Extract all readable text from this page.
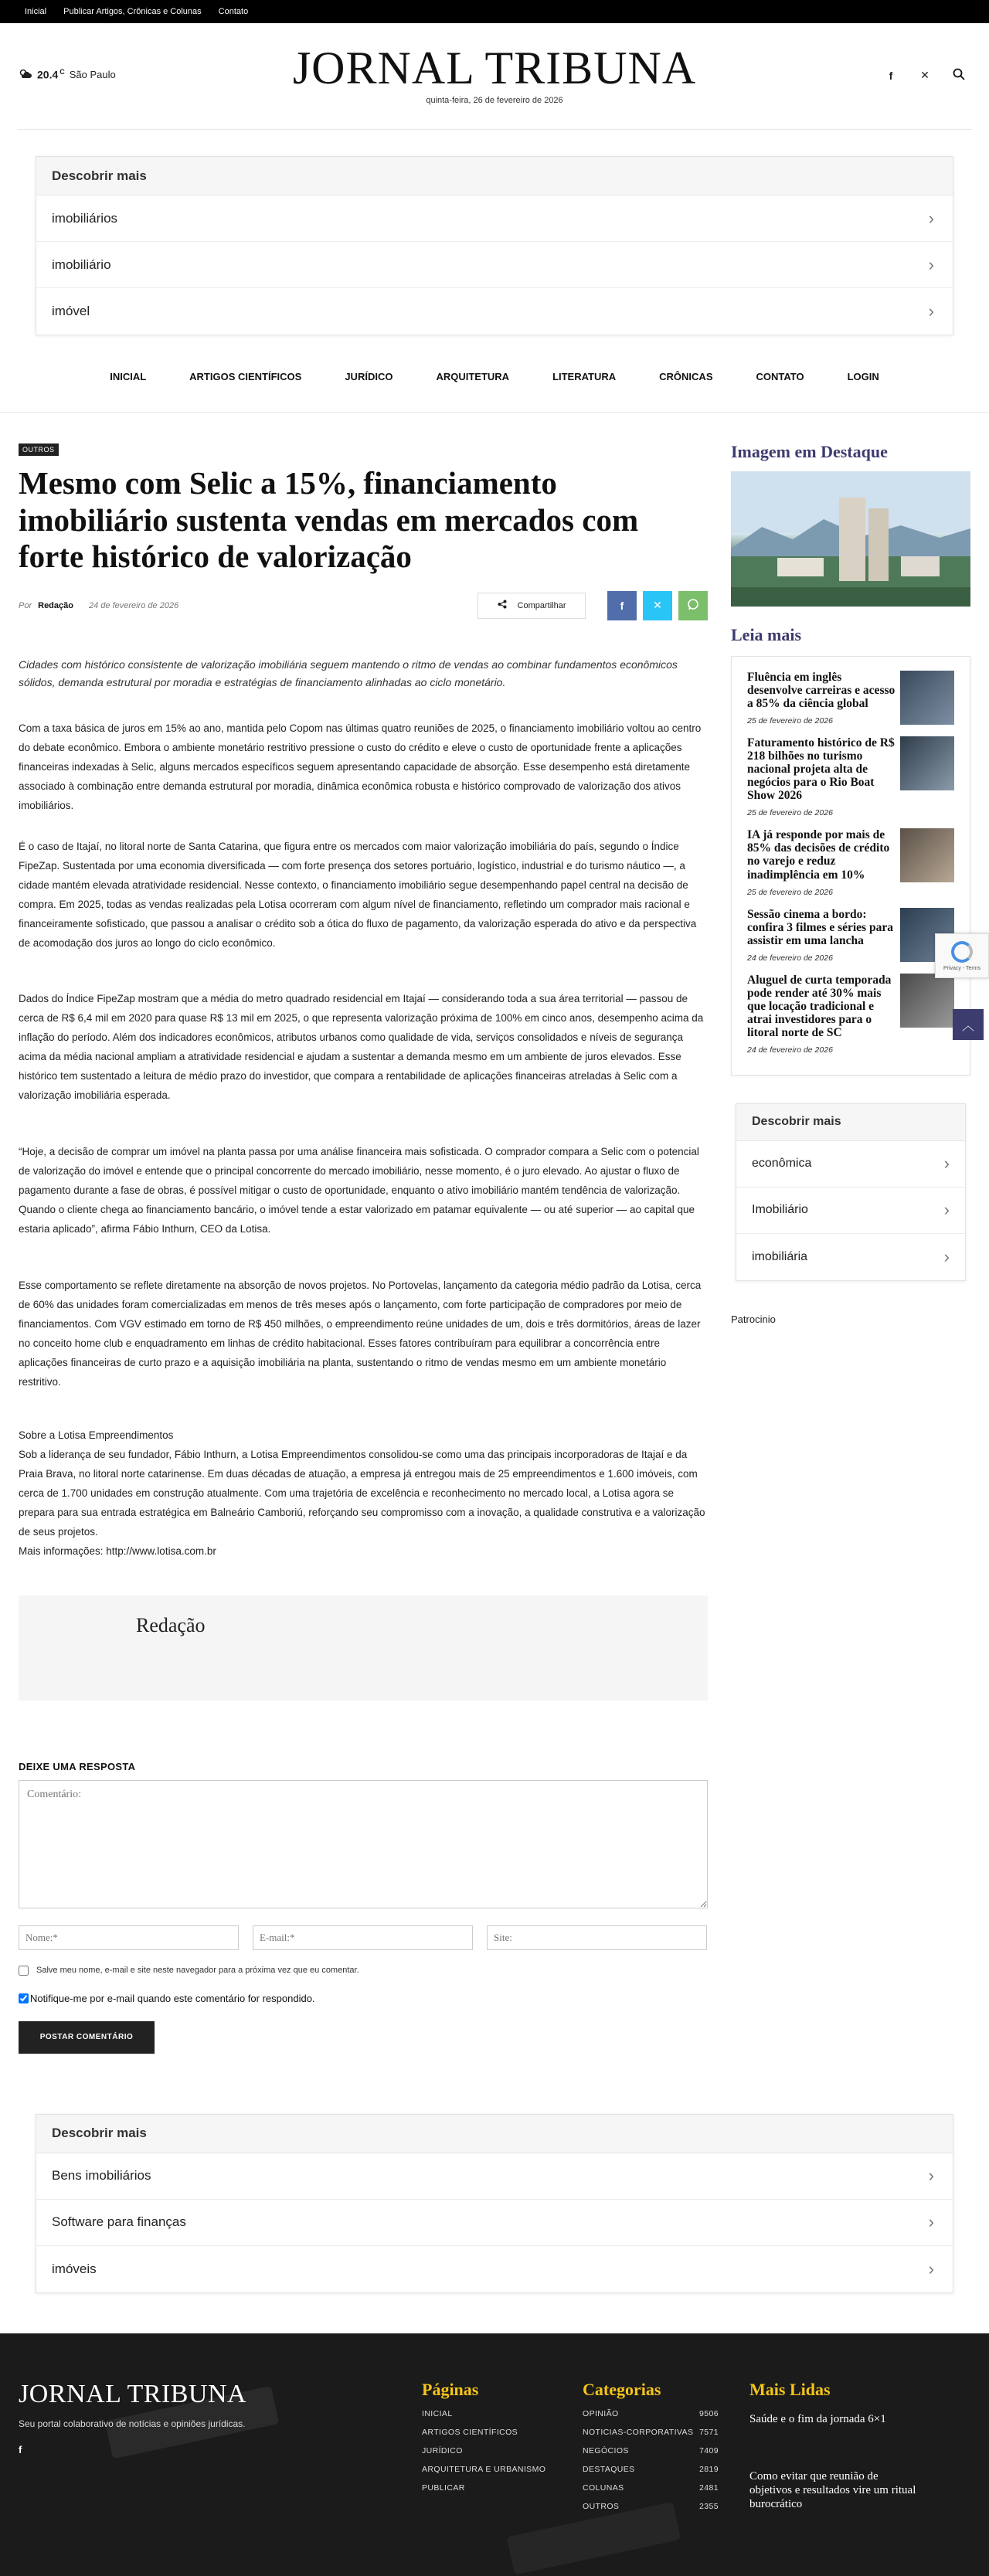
Inicial Publicar Artigos, Crônicas e Colunas Contato
20.4 $^C$ São Paulo	JORNAL TRIBUNA
quinta-feira, 26 de fevereiro de 2026
f	✕
Descobrir mais
imobiliários	›
imobiliário	›
imóvel	›
INICIAL	ARTIGOS CIENTÍFICOS	JURÍDICO	ARQUITETURA	LITERATURA	CRÔNICAS	CONTATO	LOGIN
OUTROS
Mesmo com Selic a 15%, financiamento imobiliário sustenta vendas em mercados com forte histórico de valorização
Por Redação 24 de fevereiro de 2026	Compartilhar	f	✕

Cidades com histórico consistente de valorização imobiliária seguem mantendo o ritmo de vendas ao combinar fundamentos econômicos sólidos, demanda estrutural por moradia e estratégias de financiamento alinhadas ao ciclo monetário.

Com a taxa básica de juros em 15% ao ano, mantida pelo Copom nas últimas quatro reuniões de 2025, o financiamento imobiliário voltou ao centro do debate econômico. Embora o ambiente monetário restritivo pressione o custo do crédito e eleve o custo de oportunidade frente a aplicações financeiras indexadas à Selic, alguns mercados específicos seguem apresentando capacidade de absorção. Esse desempenho está diretamente associado à combinação entre demanda estrutural por moradia, dinâmica econômica robusta e histórico comprovado de valorização dos ativos imobiliários.

É o caso de Itajaí, no litoral norte de Santa Catarina, que figura entre os mercados com maior valorização imobiliária do país, segundo o Índice FipeZap. Sustentada por uma economia diversificada — com forte presença dos setores portuário, logístico, industrial e do turismo náutico —, a cidade mantém elevada atratividade residencial. Nesse contexto, o financiamento imobiliário segue desempenhando papel central na decisão de compra. Em 2025, todas as vendas realizadas pela Lotisa ocorreram com algum nível de financiamento, refletindo um comprador mais racional e financeiramente sofisticado, que passou a analisar o crédito sob a ótica do fluxo de pagamento, da valorização esperada do ativo e da perspectiva de acomodação dos juros ao longo do ciclo econômico.

Dados do Índice FipeZap mostram que a média do metro quadrado residencial em Itajaí — considerando toda a sua área territorial — passou de cerca de R$ 6,4 mil em 2020 para quase R$ 13 mil em 2025, o que representa valorização próxima de 100% em cinco anos, desempenho acima da inflação do período. Além dos indicadores econômicos, atributos urbanos como qualidade de vida, serviços consolidados e níveis de segurança acima da média nacional ampliam a atratividade residencial e ajudam a sustentar a demanda mesmo em um ambiente de juros elevados. Esse histórico tem sustentado a leitura de médio prazo do investidor, que compara a rentabilidade de aplicações financeiras atreladas à Selic com a valorização imobiliária esperada.

“Hoje, a decisão de comprar um imóvel na planta passa por uma análise financeira mais sofisticada. O comprador compara a Selic com o potencial de valorização do imóvel e entende que o principal concorrente do mercado imobiliário, nesse momento, é o juro elevado. Ao ajustar o fluxo de pagamento durante a fase de obras, é possível mitigar o custo de oportunidade, enquanto o ativo imobiliário mantém tendência de valorização. Quando o cliente chega ao financiamento bancário, o imóvel tende a estar valorizado em patamar equivalente — ou até superior — ao capital que estaria aplicado”, afirma Fábio Inthurn, CEO da Lotisa.

Esse comportamento se reflete diretamente na absorção de novos projetos. No Portovelas, lançamento da categoria médio padrão da Lotisa, cerca de 60% das unidades foram comercializadas em menos de três meses após o lançamento, com forte participação de compradores por meio de financiamentos. Com VGV estimado em torno de R$ 450 milhões, o empreendimento reúne unidades de um, dois e três dormitórios, áreas de lazer no conceito home club e enquadramento em linhas de crédito habitacional. Esses fatores contribuíram para equilibrar a concorrência entre aplicações financeiras de curto prazo e a aquisição imobiliária na planta, sustentando o ritmo de vendas mesmo em um ambiente monetário restritivo.

Sobre a Lotisa Empreendimentos
Sob a liderança de seu fundador, Fábio Inthurn, a Lotisa Empreendimentos consolidou-se como uma das principais incorporadoras de Itajaí e da Praia Brava, no litoral norte catarinense. Em duas décadas de atuação, a empresa já entregou mais de 25 empreendimentos e 1.600 imóveis, com cerca de 1.700 unidades em construção atualmente. Com uma trajetória de excelência e reconhecimento no mercado local, a Lotisa agora se prepara para sua entrada estratégica em Balneário Camboriú, reforçando seu compromisso com a inovação, a qualidade construtiva e a valorização de seus projetos.
Mais informações: http://www.lotisa.com.br
Redação
DEIXE UMA RESPOSTA
Comentário:
Nome:*
E-mail:*
Site:
Salve meu nome, e-mail e site neste navegador para a próxima vez que eu comentar.
Notifique-me por e-mail quando este comentário for respondido.
POSTAR COMENTÁRIO
Imagem em Destaque
Leia mais
Fluência em inglês desenvolve carreiras e acesso a 85% da ciência global
25 de fevereiro de 2026
Faturamento histórico de R$ 218 bilhões no turismo nacional projeta alta de negócios para o Rio Boat Show 2026
25 de fevereiro de 2026
IA já responde por mais de 85% das decisões de crédito no varejo e reduz inadimplência em 10%
25 de fevereiro de 2026
Sessão cinema a bordo: confira 3 filmes e séries para assistir em uma lancha
24 de fevereiro de 2026
Aluguel de curta temporada pode render até 30% mais que locação tradicional e atrai investidores para o litoral norte de SC
24 de fevereiro de 2026
Descobrir mais
econômica	›
Imobiliário	›
imobiliária	›
Patrocinio
Privacy - Terms
︿
Descobrir mais
Bens imobiliários	›
Software para finanças	›
imóveis	›
JORNAL TRIBUNA
Seu portal colaborativo de notícias e opiniões jurídicas.
f
Páginas
INICIAL
ARTIGOS CIENTÍFICOS
JURÍDICO
ARQUITETURA E URBANISMO
PUBLICAR
Categorias
OPINIÃO	9506
NOTICIAS-CORPORATIVAS 7571
NEGÓCIOS	7409
DESTAQUES	2819
COLUNAS	2481
OUTROS	2355
Mais Lidas
Saúde e o fim da jornada 6×1
Como evitar que reunião de objetivos e resultados vire um ritual burocrático
